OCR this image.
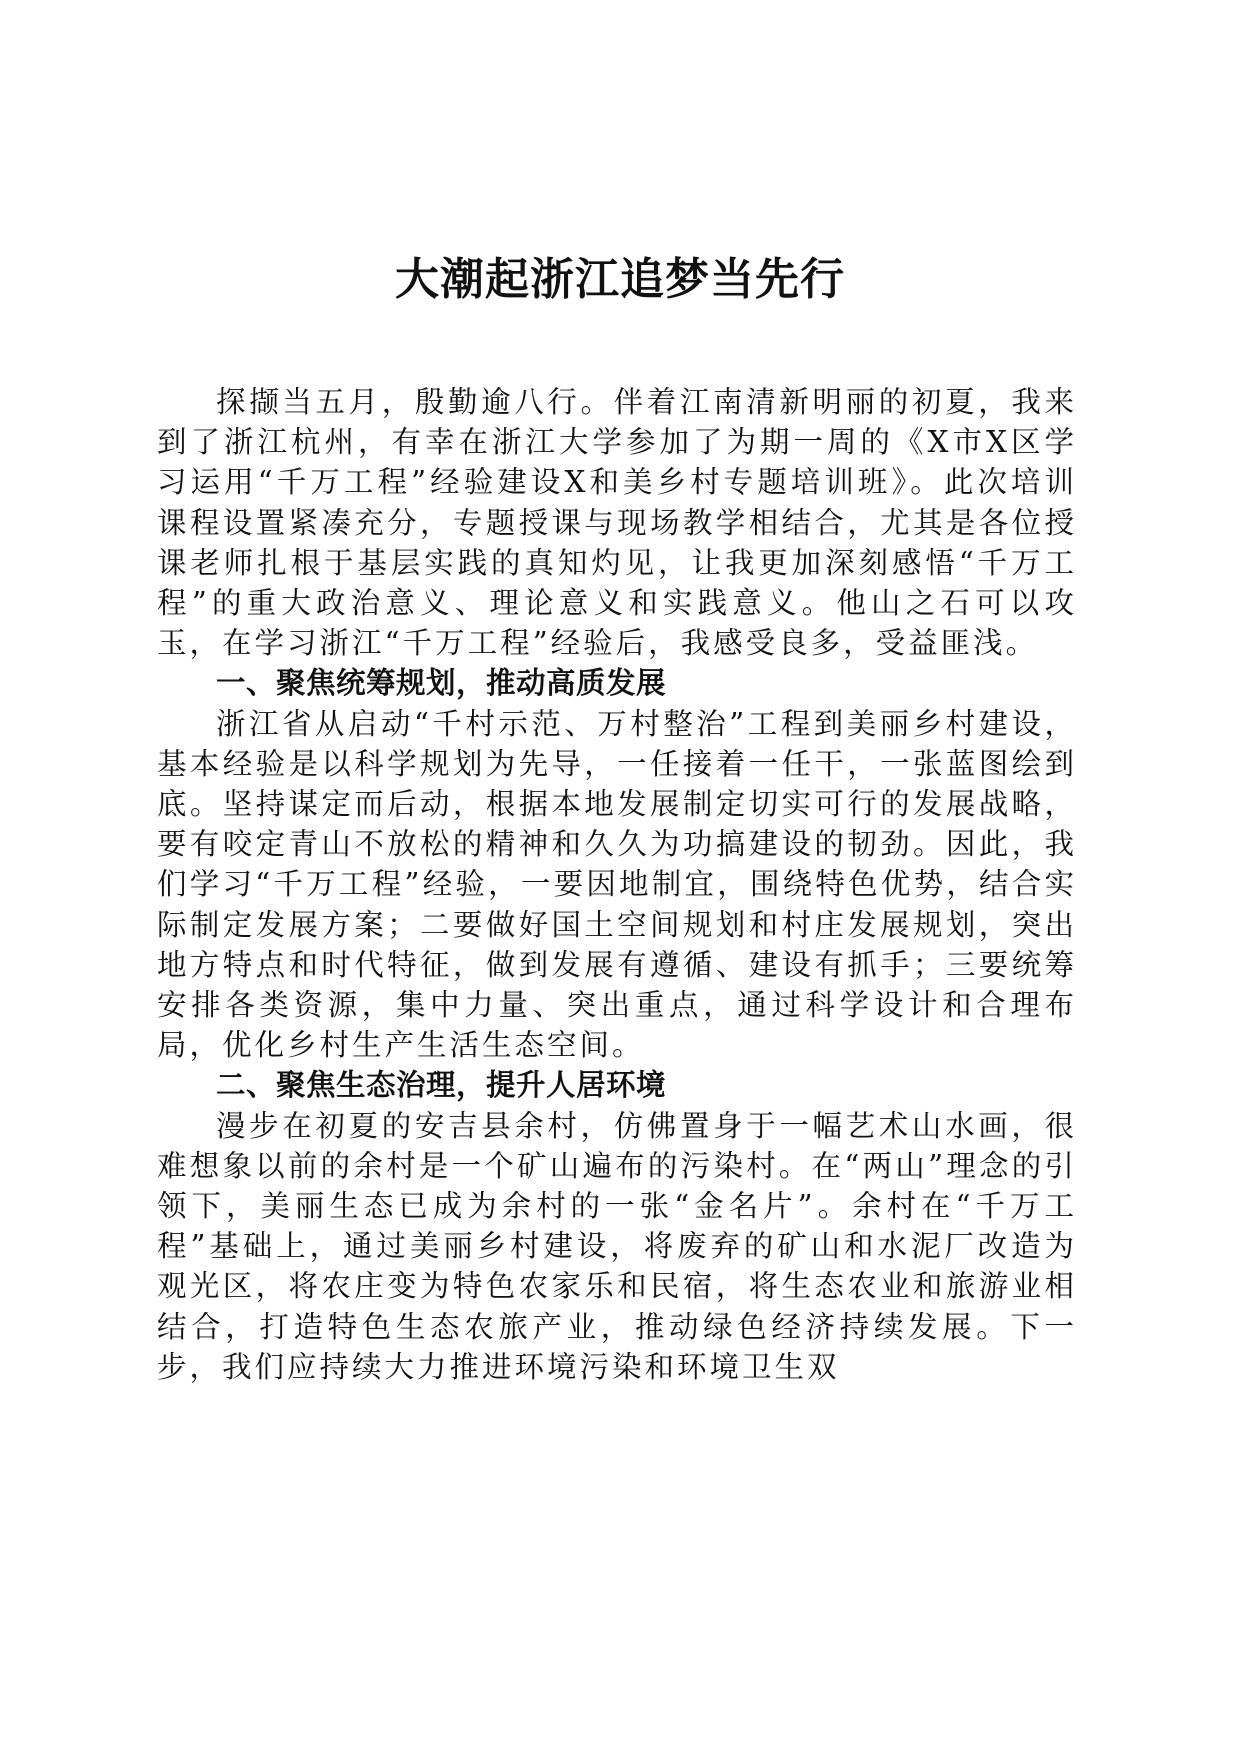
大潮起浙江追梦当先行

探撷当五月，殷勤逾八行。伴着江南清新明丽的初夏，我来到了浙江杭州，有幸在浙江大学参加了为期一周的《X市X区学习运用“千万工程”经验建设X和美乡村专题培训班》。此次培训课程设置紧凑充分，专题授课与现场教学相结合，尤其是各位授课老师扎根于基层实践的真知灼见，让我更加深刻感悟“千万工程”的重大政治意义、理论意义和实践意义。他山之石可以攻玉，在学习浙江“千万工程”经验后，我感受良多，受益匪浅。

一、聚焦统筹规划，推动高质发展

浙江省从启动“千村示范、万村整治”工程到美丽乡村建设，基本经验是以科学规划为先导，一任接着一任干，一张蓝图绘到底。坚持谋定而后动，根据本地发展制定切实可行的发展战略，要有咬定青山不放松的精神和久久为功搞建设的韧劲。因此，我们学习“千万工程”经验，一要因地制宜，围绕特色优势，结合实际制定发展方案；二要做好国土空间规划和村庄发展规划，突出地方特点和时代特征，做到发展有遵循、建设有抓手；三要统筹安排各类资源，集中力量、突出重点，通过科学设计和合理布局，优化乡村生产生活生态空间。

二、聚焦生态治理，提升人居环境

漫步在初夏的安吉县余村，仿佛置身于一幅艺术山水画，很难想象以前的余村是一个矿山遍布的污染村。在“两山”理念的引领下，美丽生态已成为余村的一张“金名片”。余村在“千万工程”基础上，通过美丽乡村建设，将废弃的矿山和水泥厂改造为观光区，将农庄变为特色农家乐和民宿，将生态农业和旅游业相结合，打造特色生态农旅产业，推动绿色经济持续发展。下一步，我们应持续大力推进环境污染和环境卫生双
